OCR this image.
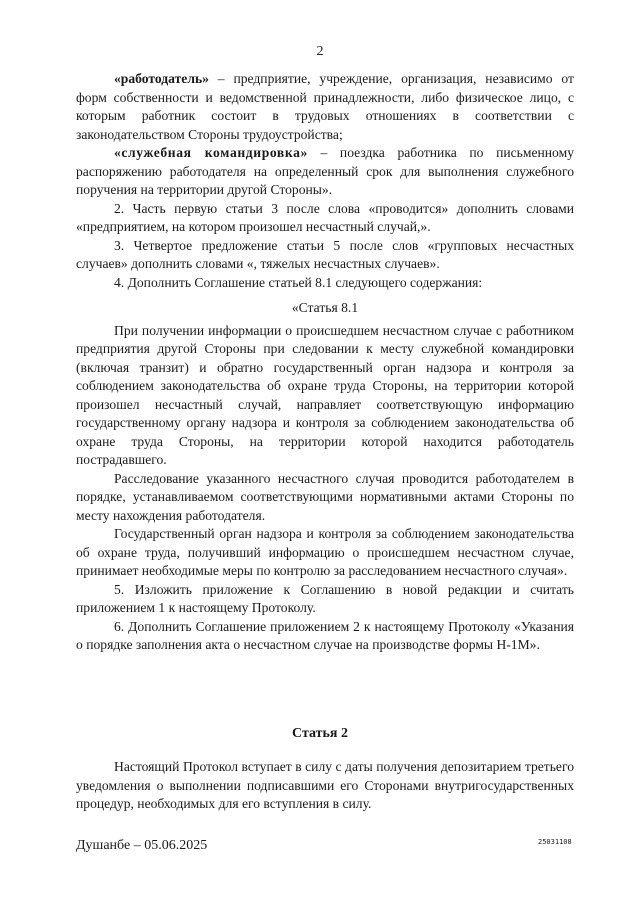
2

«работодатель» – предприятие, учреждение, организация, независимо от форм собственности и ведомственной принадлежности, либо физическое лицо, с которым работник состоит в трудовых отношениях в соответствии с законодательством Стороны трудоустройства;

«служебная командировка» – поездка работника по письменному распоряжению работодателя на определенный срок для выполнения служебного поручения на территории другой Стороны».

2. Часть первую статьи 3 после слова «проводится» дополнить словами «предприятием, на котором произошел несчастный случай,».

3. Четвертое предложение статьи 5 после слов «групповых несчастных случаев» дополнить словами «, тяжелых несчастных случаев».

4. Дополнить Соглашение статьей 8.1 следующего содержания:

«Статья 8.1

При получении информации о происшедшем несчастном случае с работником предприятия другой Стороны при следовании к месту служебной командировки (включая транзит) и обратно государственный орган надзора и контроля за соблюдением законодательства об охране труда Стороны, на территории которой произошел несчастный случай, направляет соответствующую информацию государственному органу надзора и контроля за соблюдением законодательства об охране труда Стороны, на территории которой находится работодатель пострадавшего.

Расследование указанного несчастного случая проводится работодателем в порядке, устанавливаемом соответствующими нормативными актами Стороны по месту нахождения работодателя.

Государственный орган надзора и контроля за соблюдением законодательства об охране труда, получивший информацию о происшедшем несчастном случае, принимает необходимые меры по контролю за расследованием несчастного случая».

5. Изложить приложение к Соглашению в новой редакции и считать приложением 1 к настоящему Протоколу.

6. Дополнить Соглашение приложением 2 к настоящему Протоколу «Указания о порядке заполнения акта о несчастном случае на производстве формы Н-1М».

Статья 2

Настоящий Протокол вступает в силу с даты получения депозитарием третьего уведомления о выполнении подписавшими его Сторонами внутригосударственных процедур, необходимых для его вступления в силу.

Душанбе – 05.06.2025	25031108
